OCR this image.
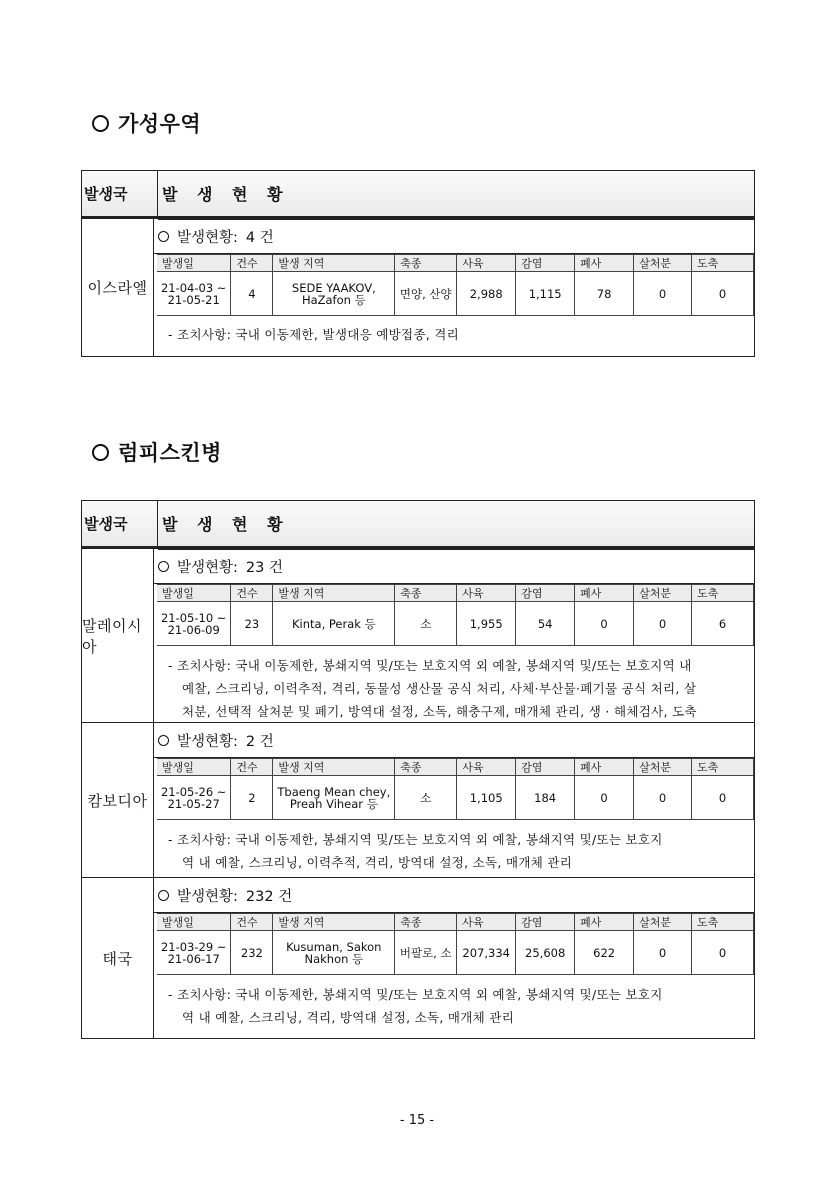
가성우역
발생국	발 생 현 황
이스라엘
발생현황: 4 건
발생일	건수	발생 지역	축종	사육	감염	폐사	살처분	도축
21-04-03 ~ 21-05-21	4	SEDE YAAKOV, HaZafon 등	면양, 산양	2,988	1,115	78	0	0
- 조치사항: 국내 이동제한, 발생대응 예방접종, 격리
럼피스킨병
발생국	발 생 현 황
말레이시아
발생현황: 23 건
발생일	건수	발생 지역	축종	사육	감염	폐사	살처분	도축
21-05-10 ~ 21-06-09	23	Kinta, Perak 등	소	1,955	54	0	0	6
- 조치사항: 국내 이동제한, 봉쇄지역 및/또는 보호지역 외 예찰, 봉쇄지역 및/또는 보호지역 내
예찰, 스크리닝, 이력추적, 격리, 동물성 생산물 공식 처리, 사체·부산물·폐기물 공식 처리, 살
처분, 선택적 살처분 및 폐기, 방역대 설정, 소독, 해충구제, 매개체 관리, 생 · 해체검사, 도축
캄보디아
발생현황: 2 건
발생일	건수	발생 지역	축종	사육	감염	폐사	살처분	도축
21-05-26 ~ 21-05-27	2	Tbaeng Mean chey, Preah Vihear 등	소	1,105	184	0	0	0
- 조치사항: 국내 이동제한, 봉쇄지역 및/또는 보호지역 외 예찰, 봉쇄지역 및/또는 보호지
역 내 예찰, 스크리닝, 이력추적, 격리, 방역대 설정, 소독, 매개체 관리
태국
발생현황: 232 건
발생일	건수	발생 지역	축종	사육	감염	폐사	살처분	도축
21-03-29 ~ 21-06-17	232	Kusuman, Sakon Nakhon 등	버팔로, 소	207,334	25,608	622	0	0
- 조치사항: 국내 이동제한, 봉쇄지역 및/또는 보호지역 외 예찰, 봉쇄지역 및/또는 보호지
역 내 예찰, 스크리닝, 격리, 방역대 설정, 소독, 매개체 관리
- 15 -
